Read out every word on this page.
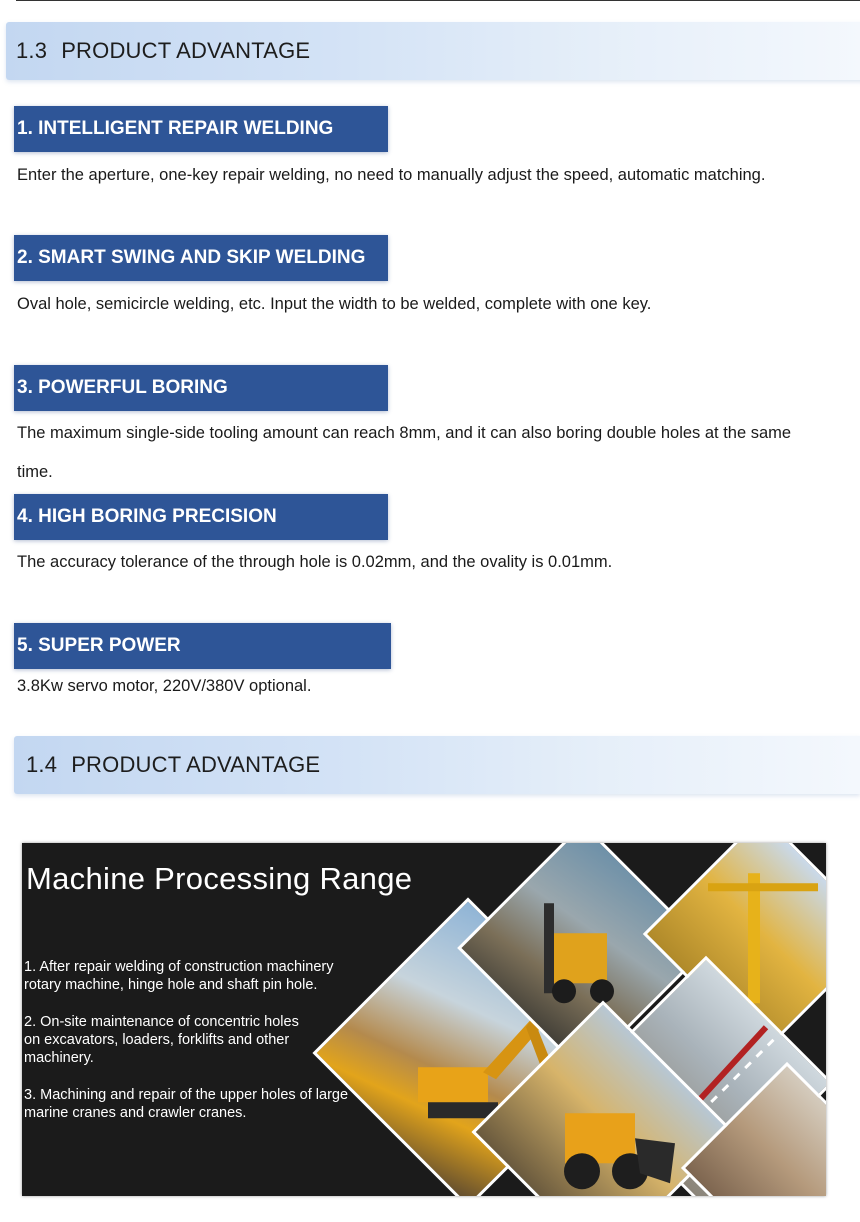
1.3 PRODUCT ADVANTAGE
1. INTELLIGENT REPAIR WELDING
Enter the aperture, one-key repair welding, no need to manually adjust the speed, automatic matching.
2. SMART SWING AND SKIP WELDING
Oval hole, semicircle welding, etc. Input the width to be welded, complete with one key.
3. POWERFUL BORING
The maximum single-side tooling amount can reach 8mm, and it can also boring double holes at the same
time.
4. HIGH BORING PRECISION
The accuracy tolerance of the through hole is 0.02mm, and the ovality is 0.01mm.
5. SUPER POWER
3.8Kw servo motor, 220V/380V optional.
1.4 PRODUCT ADVANTAGE
Machine Processing Range
1. After repair welding of construction machinery
rotary machine, hinge hole and shaft pin hole.
2. On-site maintenance of concentric holes
on excavators, loaders, forklifts and other
machinery.
3. Machining and repair of the upper holes of large
marine cranes and crawler cranes.
